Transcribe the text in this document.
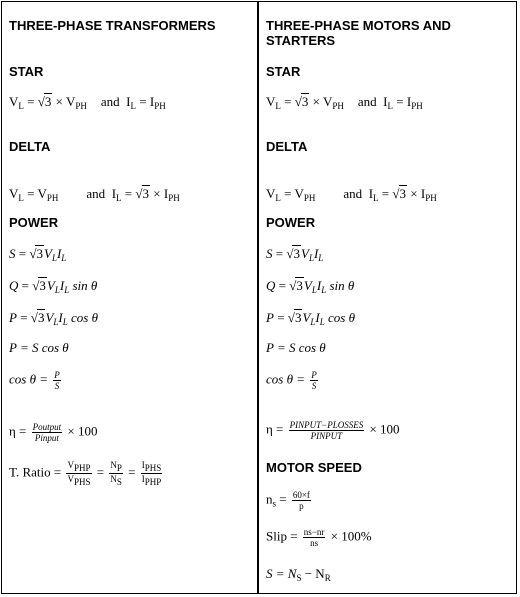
THREE-PHASE TRANSFORMERS
STAR
$V_L = √3 \times V_{PH}$ and $I_L = I_{PH}$
DELTA
$V_L = V_{PH}$ and $I_L = √3 \times I_{PH}$
POWER
$S = √3V_LI_L$
$Q = √3V_LI_L$ sin θ
$P = √3V_LI_L$ cos θ
P = S cos θ
$\cos \theta = \frac{P}{S}$
$\eta = \frac{\text{Poutput}}{\text{Pinput}} \times 100$
T. Ratio = $\frac{V_{PHP}}{V_{PHS}} = \frac{N_P}{N_S} = \frac{I_{PHS}}{I_{PHP}}$
THREE-PHASE MOTORS AND
STARTERS
STAR
$V_L = √3 \times V_{PH}$ and $I_L = I_{PH}$
DELTA
$V_L = V_{PH}$ and $I_L = √3 \times I_{PH}$
POWER
$S = √3V_LI_L$
$Q = √3V_LI_L$ sin θ
$P = √3V_LI_L$ cos θ
P = S cos θ
$\cos \theta = \frac{P}{S}$
$\eta = \frac{\text{PINPUT−PLOSSES}}{\text{PINPUT}} \times 100$
MOTOR SPEED
$n_s = \frac{60\times f}{p}$
Slip = $\frac{ns-nr}{ns} \times 100\%$
$S = N_S - N_R$
